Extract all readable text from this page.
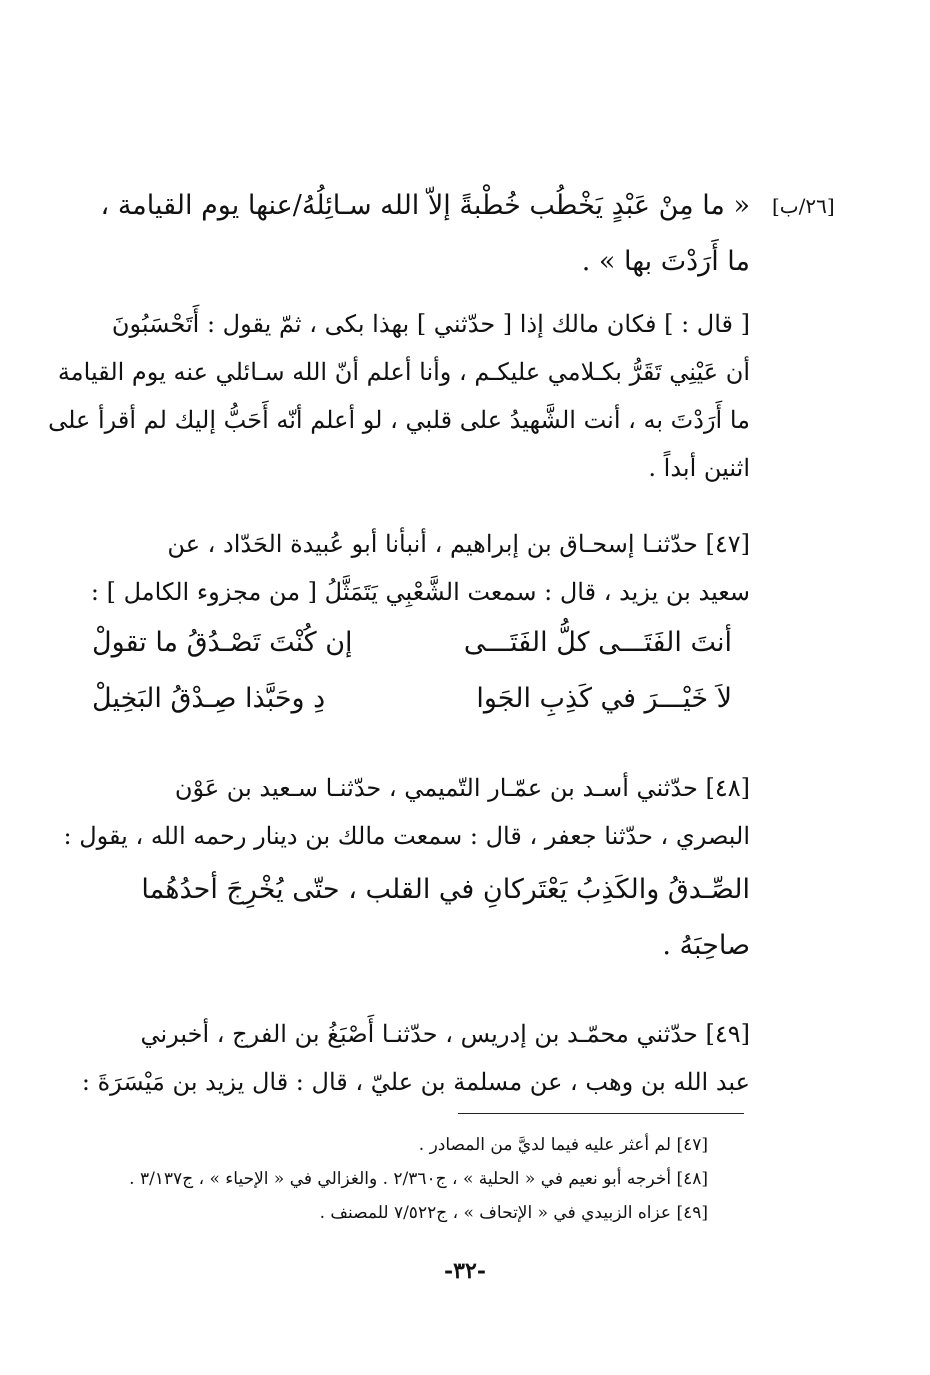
[٢٦/ب]
« ما مِنْ عَبْدٍ يَخْطُب خُطْبةً إلاّ الله سـائِلُهُ/عنها يوم القيامة ،
ما أَرَدْتَ بها » .
[ قال : ] فكان مالك إذا [ حدّثني ] بهذا بكى ، ثمّ يقول : أَتَحْسَبُونَ
أن عَيْنِي تَقَرُّ بكـلامي عليكـم ، وأنا أعلم أنّ الله سـائلي عنه يوم القيامة
ما أَرَدْتَ به ، أنت الشَّهيدُ على قلبي ، لو أعلم أنّه أَحَبُّ إليك لم أقرأ على
اثنين أبداً .
[٤٧] حدّثنـا إسحـاق بن إبراهيم ، أنبأنا أبو عُبيدة الحَدّاد ، عن
سعيد بن يزيد ، قال : سمعت الشَّعْبِي يَتَمَثَّلُ [ من مجزوء الكامل ] :
أنتَ الفَتَـــى كلُّ الفَتَـــى
إن كُنْتَ تَصْـدُقُ ما تقولْ
لاَ خَيْـــرَ في كَذِبِ الجَوا
دِ وحَبَّذا صِـدْقُ البَخِيلْ
[٤٨] حدّثني أسـد بن عمّـار التّميمي ، حدّثنـا سـعيد بن عَوْن
البصري ، حدّثنا جعفر ، قال : سمعت مالك بن دينار رحمه الله ، يقول :
الصِّـدقُ والكَذِبُ يَعْتَركانِ في القلب ، حتّى يُخْرِجَ أحدُهُما
صاحِبَهُ .
[٤٩] حدّثني محمّـد بن إدريس ، حدّثنـا أَصْبَغُ بن الفرج ، أخبرني
عبد الله بن وهب ، عن مسلمة بن عليّ ، قال : قال يزيد بن مَيْسَرَةَ :
[٤٧] لم أعثر عليه فيما لديَّ من المصادر .
[٤٨] أخرجه أبو نعيم في « الحلية » ، ج٢/٣٦٠ . والغزالي في « الإحياء » ، ج٣/١٣٧ .
[٤٩] عزاه الزبيدي في « الإتحاف » ، ج٧/٥٢٢ للمصنف .
-٣٢-
